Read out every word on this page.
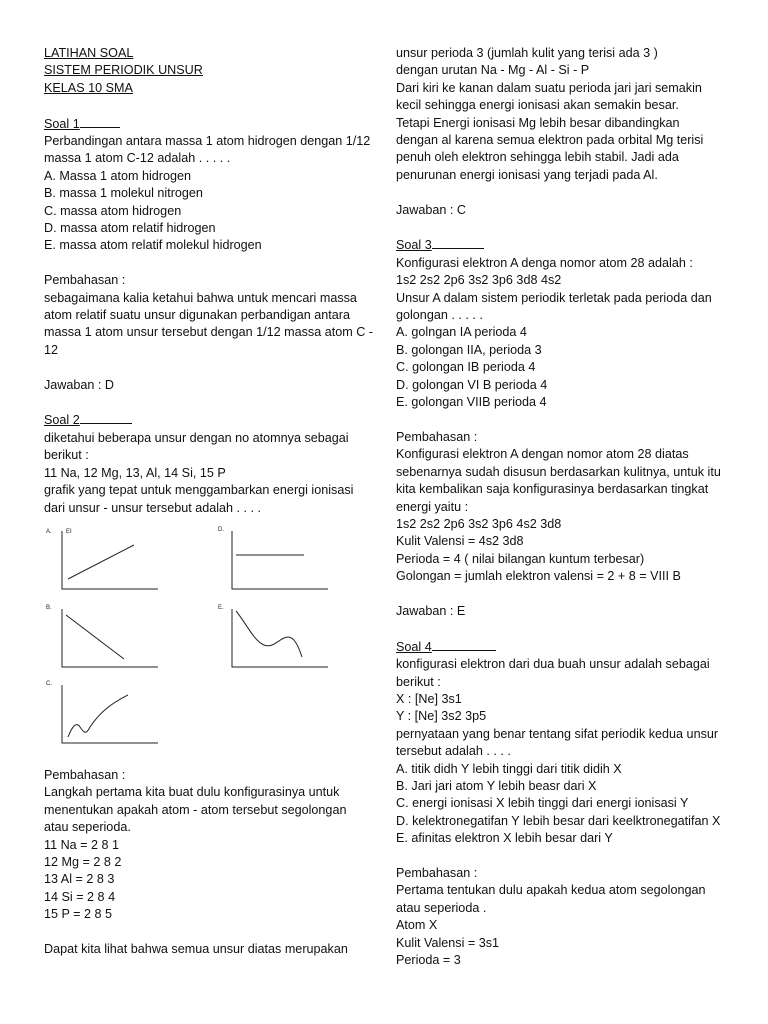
LATIHAN SOAL
SISTEM PERIODIK UNSUR
KELAS 10 SMA
Soal 1
Perbandingan antara massa 1 atom hidrogen dengan 1/12
massa 1 atom C-12 adalah . . . . .
A. Massa 1 atom hidrogen
B. massa 1 molekul nitrogen
C. massa atom hidrogen
D. massa atom relatif hidrogen
E. massa atom relatif molekul hidrogen
Pembahasan :
sebagaimana kalia ketahui bahwa untuk mencari massa
atom relatif suatu unsur digunakan perbandigan antara
massa 1 atom unsur tersebut dengan 1/12 massa atom C -
12
Jawaban : D
Soal 2
diketahui beberapa unsur dengan no atomnya sebagai
berikut :
11 Na, 12 Mg, 13, Al, 14 Si, 15 P
grafik yang tepat untuk menggambarkan energi ionisasi
dari unsur - unsur tersebut adalah . . . .
A. EI	D.
B.	E.
C.
Pembahasan :
Langkah pertama kita buat dulu konfigurasinya untuk
menentukan apakah atom - atom tersebut segolongan
atau seperioda.
11 Na = 2 8 1
12 Mg = 2 8 2
13 Al = 2 8 3
14 Si = 2 8 4
15 P = 2 8 5
Dapat kita lihat bahwa semua unsur diatas merupakan
unsur perioda 3 (jumlah kulit yang terisi ada 3 )
dengan urutan Na - Mg - Al - Si - P
Dari kiri ke kanan dalam suatu perioda jari jari semakin
kecil sehingga energi ionisasi akan semakin besar.
Tetapi Energi ionisasi Mg lebih besar dibandingkan
dengan al karena semua elektron pada orbital Mg terisi
penuh oleh elektron sehingga lebih stabil. Jadi ada
penurunan energi ionisasi yang terjadi pada Al.
Jawaban : C
Soal 3
Konfigurasi elektron A denga nomor atom 28 adalah :
1s2 2s2 2p6 3s2 3p6 3d8 4s2
Unsur A dalam sistem periodik terletak pada perioda dan
golongan . . . . .
A. golngan IA perioda 4
B. golongan IIA, perioda 3
C. golongan IB perioda 4
D. golongan VI B perioda 4
E. golongan VIIB perioda 4
Pembahasan :
Konfigurasi elektron A dengan nomor atom 28 diatas
sebenarnya sudah disusun berdasarkan kulitnya, untuk itu
kita kembalikan saja konfigurasinya berdasarkan tingkat
energi yaitu :
1s2 2s2 2p6 3s2 3p6 4s2 3d8
Kulit Valensi = 4s2 3d8
Perioda = 4 ( nilai bilangan kuntum terbesar)
Golongan = jumlah elektron valensi = 2 + 8 = VIII B
Jawaban : E
Soal 4
konfigurasi elektron dari dua buah unsur adalah sebagai
berikut :
X : [Ne] 3s1
Y : [Ne] 3s2 3p5
pernyataan yang benar tentang sifat periodik kedua unsur
tersebut adalah . . . .
A. titik didh Y lebih tinggi dari titik didih X
B. Jari jari atom Y lebih beasr dari X
C. energi ionisasi X lebih tinggi dari energi ionisasi Y
D. kelektronegatifan Y lebih besar dari keelktronegatifan X
E. afinitas elektron X lebih besar dari Y
Pembahasan :
Pertama tentukan dulu apakah kedua atom segolongan
atau seperioda .
Atom X
Kulit Valensi = 3s1
Perioda = 3
